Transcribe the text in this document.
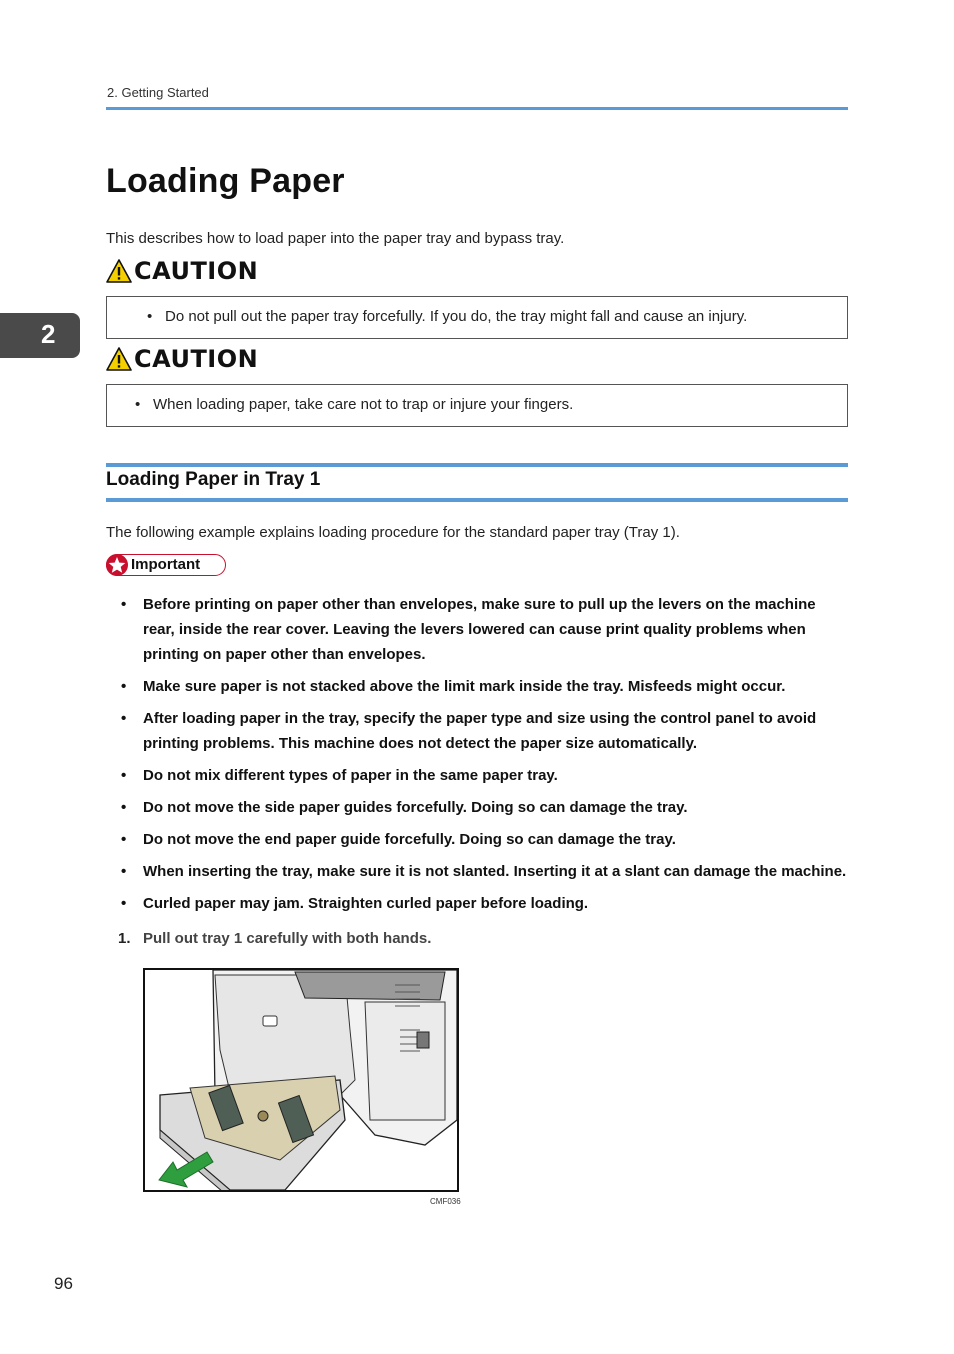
2. Getting Started
Loading Paper
This describes how to load paper into the paper tray and bypass tray.
CAUTION
• Do not pull out the paper tray forcefully. If you do, the tray might fall and cause an injury.
CAUTION
• When loading paper, take care not to trap or injure your fingers.
Loading Paper in Tray 1
The following example explains loading procedure for the standard paper tray (Tray 1).
Important
• Before printing on paper other than envelopes, make sure to pull up the levers on the machine rear, inside the rear cover. Leaving the levers lowered can cause print quality problems when printing on paper other than envelopes.
• Make sure paper is not stacked above the limit mark inside the tray. Misfeeds might occur.
• After loading paper in the tray, specify the paper type and size using the control panel to avoid printing problems. This machine does not detect the paper size automatically.
• Do not mix different types of paper in the same paper tray.
• Do not move the side paper guides forcefully. Doing so can damage the tray.
• Do not move the end paper guide forcefully. Doing so can damage the tray.
• When inserting the tray, make sure it is not slanted. Inserting it at a slant can damage the machine.
• Curled paper may jam. Straighten curled paper before loading.
1. Pull out tray 1 carefully with both hands.
CMF036
2
96
